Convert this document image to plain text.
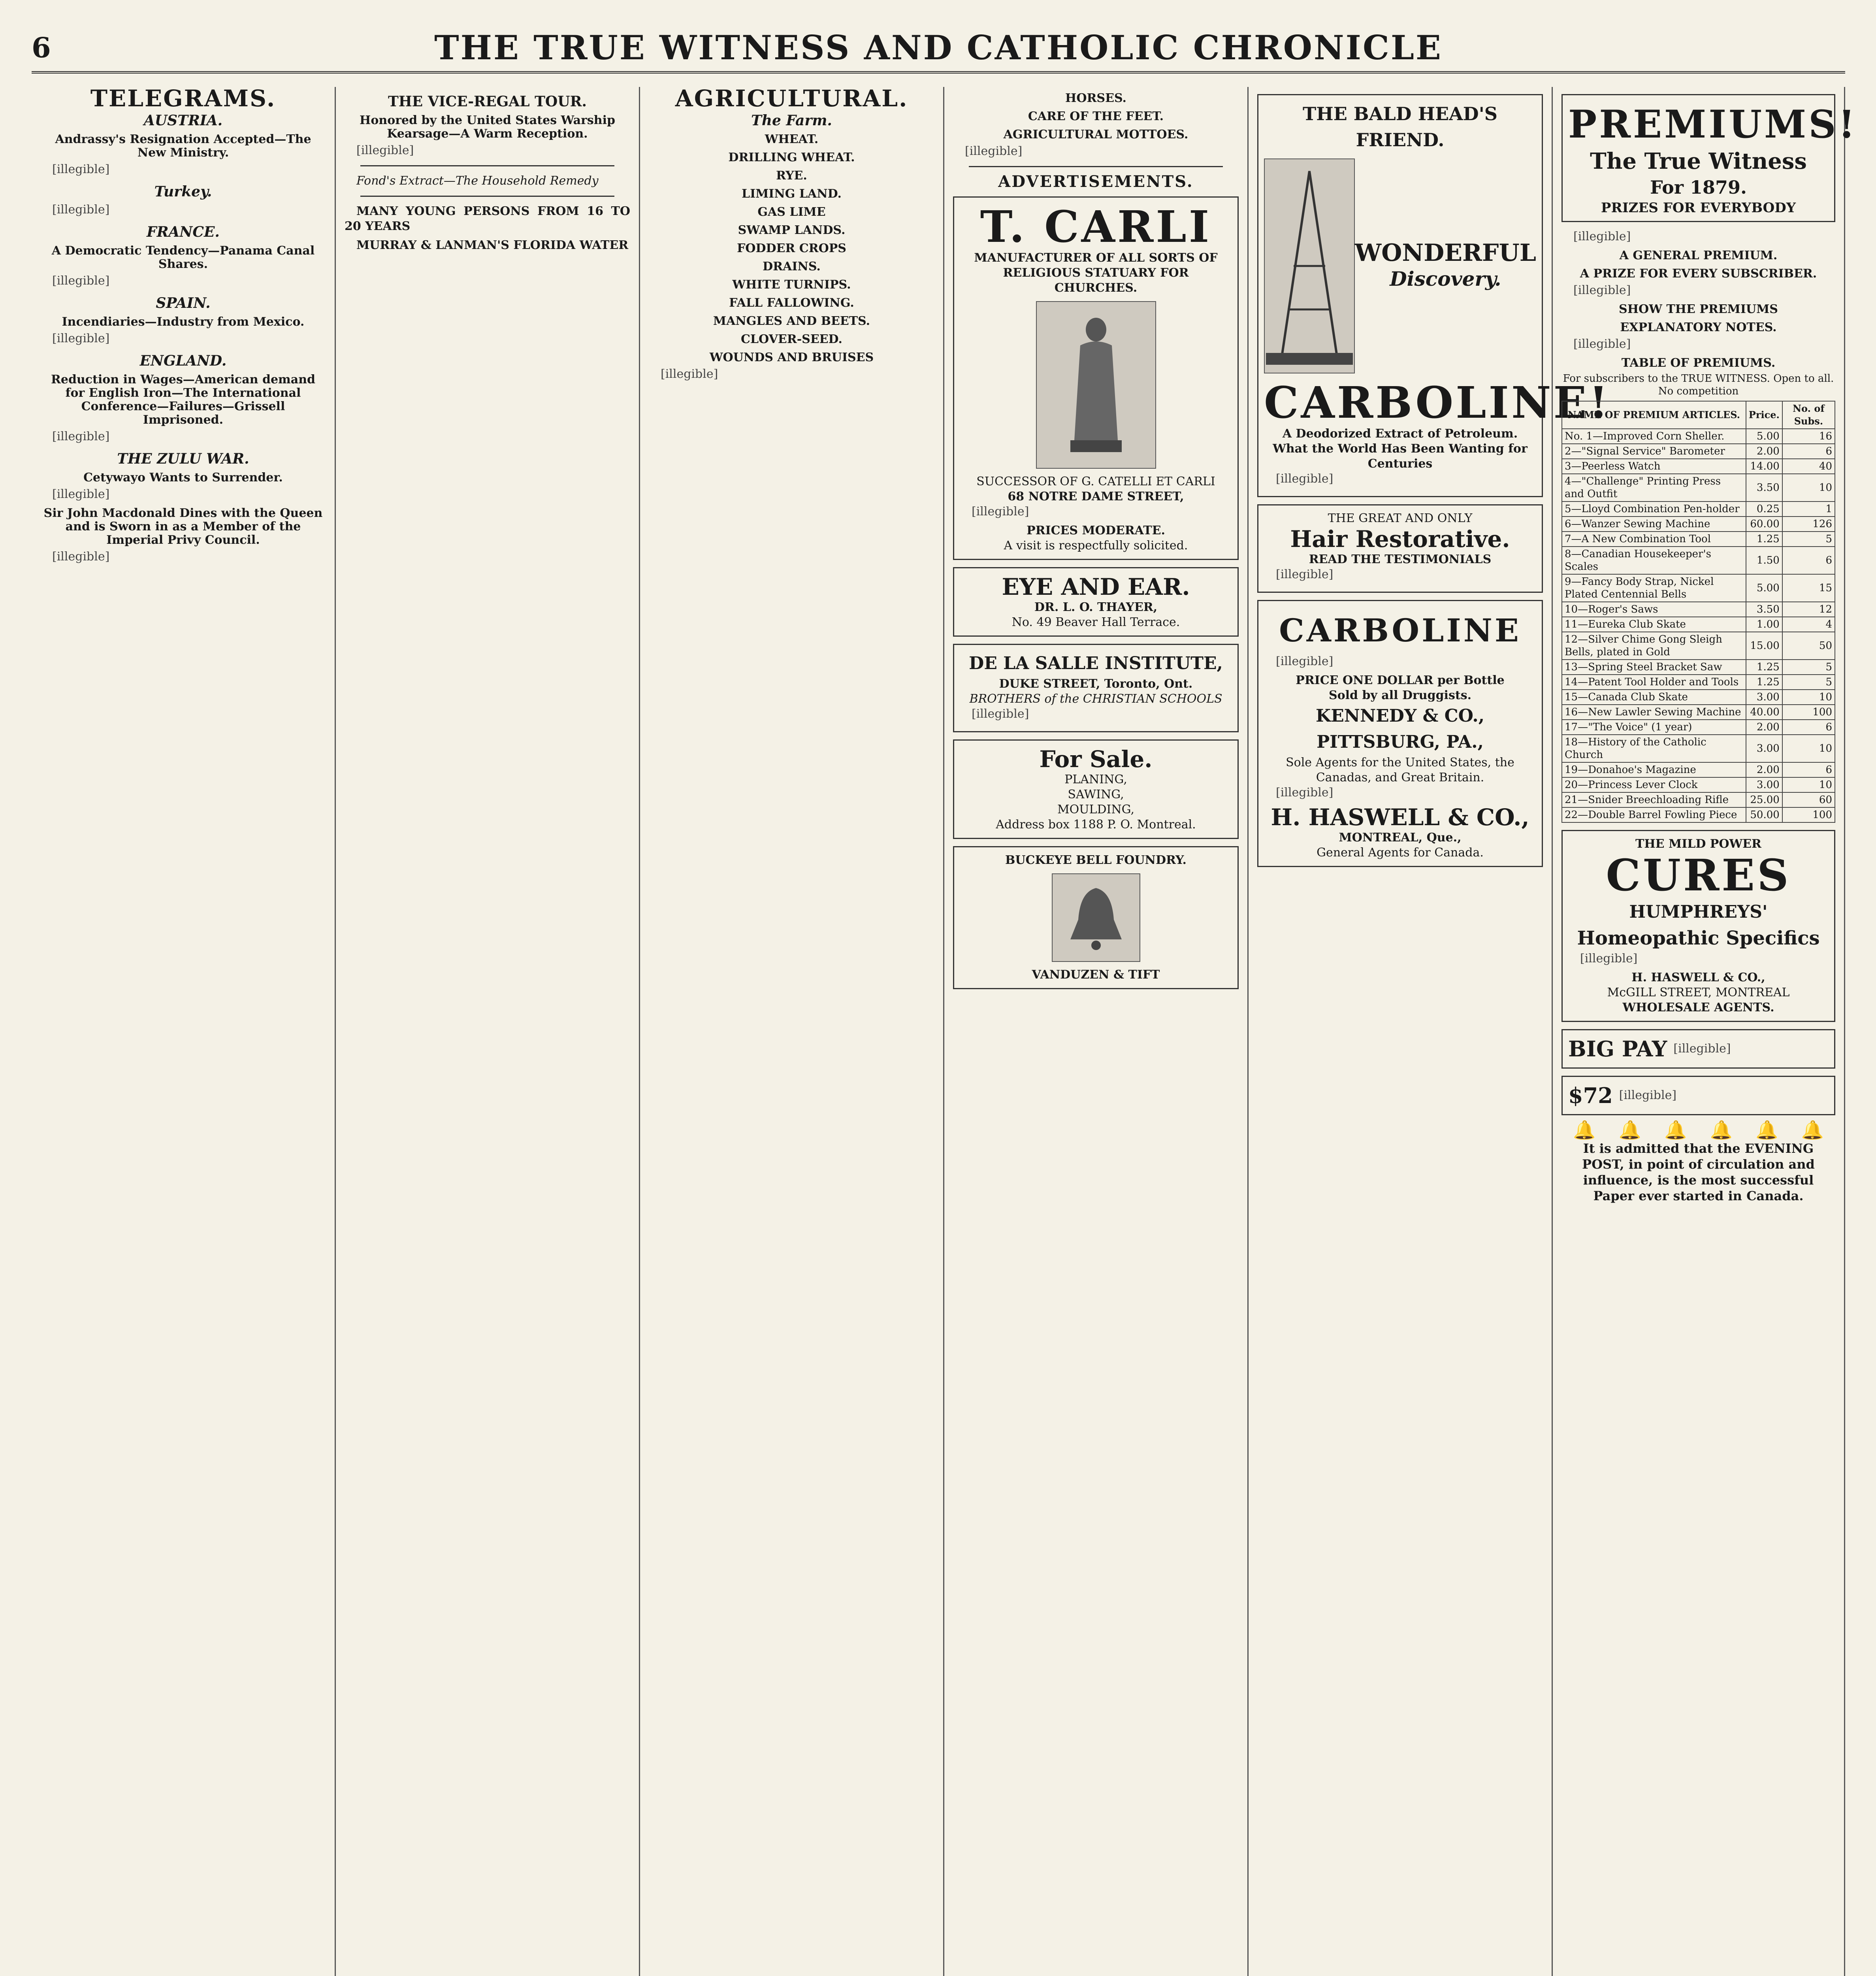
6	THE TRUE WITNESS AND CATHOLIC CHRONICLE
TELEGRAMS.
AUSTRIA.
Andrassy's Resignation Accepted—The New Ministry.

[illegible]

Turkey.

[illegible]

FRANCE.
A Democratic Tendency—Panama Canal Shares.

[illegible]

SPAIN.
Incendiaries—Industry from Mexico.

[illegible]

ENGLAND.
Reduction in Wages—American demand for English Iron—The International Conference—Failures—Grissell Imprisoned.

[illegible]

THE ZULU WAR.
Cetywayo Wants to Surrender.

[illegible]

Sir John Macdonald Dines with the Queen and is Sworn in as a Member of the Imperial Privy Council.

[illegible]

THE VICE-REGAL TOUR.
Honored by the United States Warship Kearsage—A Warm Reception.

[illegible]

Fond's Extract—The Household Remedy

MANY YOUNG PERSONS FROM 16 TO 20 YEARS

MURRAY & LANMAN'S FLORIDA WATER

AGRICULTURAL.
The Farm.
WHEAT.
DRILLING WHEAT.
RYE.
LIMING LAND.
GAS LIME
SWAMP LANDS.
FODDER CROPS
DRAINS.
WHITE TURNIPS.
FALL FALLOWING.
MANGLES AND BEETS.
CLOVER-SEED.
WOUNDS AND BRUISES

[illegible]

HORSES.
CARE OF THE FEET.
AGRICULTURAL MOTTOES.

[illegible]

ADVERTISEMENTS.
T. CARLI
MANUFACTURER OF ALL SORTS OF RELIGIOUS STATUARY FOR CHURCHES.
SUCCESSOR OF G. CATELLI ET CARLI
68 NOTRE DAME STREET,

[illegible]

PRICES MODERATE.
A visit is respectfully solicited.
EYE AND EAR.
DR. L. O. THAYER,
No. 49 Beaver Hall Terrace.
DE LA SALLE INSTITUTE,
DUKE STREET, Toronto, Ont.
BROTHERS of the CHRISTIAN SCHOOLS

[illegible]

For Sale.
PLANING,
SAWING,
MOULDING,
Address box 1188 P. O. Montreal.
BUCKEYE BELL FOUNDRY.
VANDUZEN & TIFT
THE BALD HEAD'S FRIEND.
WONDERFUL
Discovery.
CARBOLINE!
A Deodorized Extract of Petroleum.
What the World Has Been Wanting for Centuries

[illegible]

THE GREAT AND ONLY
Hair Restorative.
READ THE TESTIMONIALS

[illegible]

CARBOLINE

[illegible]

PRICE ONE DOLLAR per Bottle
Sold by all Druggists.
KENNEDY & CO., PITTSBURG, PA.,
Sole Agents for the United States, the Canadas, and Great Britain.

[illegible]

H. HASWELL & CO.,
MONTREAL, Que.,
General Agents for Canada.
PREMIUMS!
The True Witness
For 1879.
PRIZES FOR EVERYBODY

[illegible]

A GENERAL PREMIUM.
A PRIZE FOR EVERY SUBSCRIBER.

[illegible]

SHOW THE PREMIUMS
EXPLANATORY NOTES.

[illegible]

TABLE OF PREMIUMS.
For subscribers to the TRUE WITNESS. Open to all. No competition
NAME OF PREMIUM ARTICLES.	Price.	No. of Subs.
No. 1—Improved Corn Sheller.	5.00	16
2—"Signal Service" Barometer	2.00	6
3—Peerless Watch	14.00	40
4—"Challenge" Printing Press and Outfit	3.50	10
5—Lloyd Combination Pen-holder	0.25	1
6—Wanzer Sewing Machine	60.00	126
7—A New Combination Tool	1.25	5
8—Canadian Housekeeper's Scales	1.50	6
9—Fancy Body Strap, Nickel Plated Centennial Bells	5.00	15
10—Roger's Saws	3.50	12
11—Eureka Club Skate	1.00	4
12—Silver Chime Gong Sleigh Bells, plated in Gold	15.00	50
13—Spring Steel Bracket Saw	1.25	5
14—Patent Tool Holder and Tools	1.25	5
15—Canada Club Skate	3.00	10
16—New Lawler Sewing Machine	40.00	100
17—"The Voice" (1 year)	2.00	6
18—History of the Catholic Church	3.00	10
19—Donahoe's Magazine	2.00	6
20—Princess Lever Clock	3.00	10
21—Snider Breechloading Rifle	25.00	60
22—Double Barrel Fowling Piece	50.00	100
THE MILD POWER
CURES
HUMPHREYS'
Homeopathic Specifics

[illegible]

H. HASWELL & CO.,
McGILL STREET, MONTREAL
WHOLESALE AGENTS.
BIG PAY [illegible]
$72 [illegible]
🔔 🔔 🔔 🔔 🔔 🔔
It is admitted that the EVENING POST, in point of circulation and influence, is the most successful Paper ever started in Canada.
